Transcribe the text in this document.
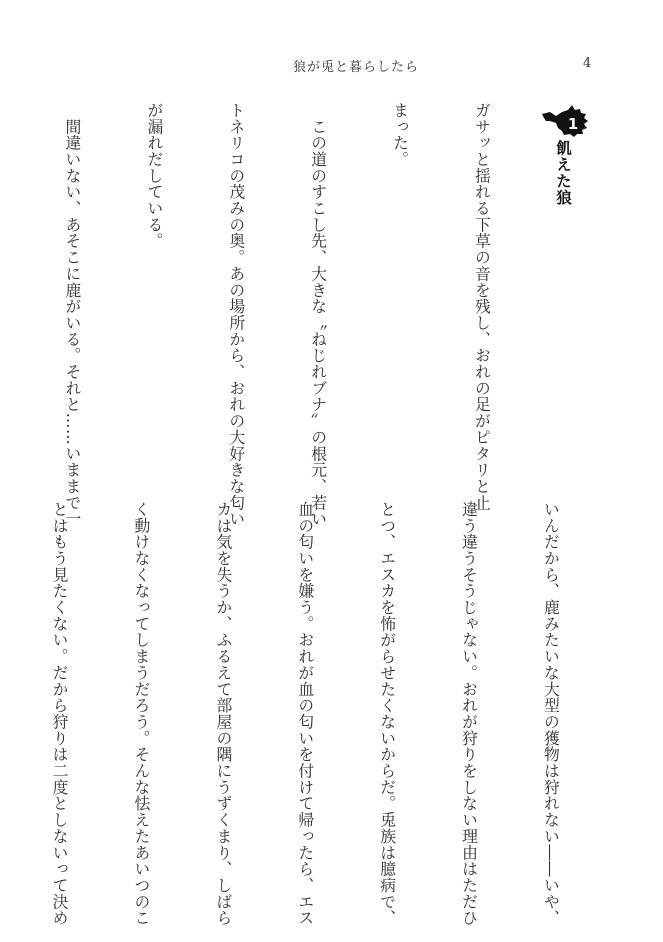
狼が兎と暮らしたら	4
1
飢えた狼

ガサッと揺れる下草の音を残し、おれの足がピタリと止

まった。

　この道のすこし先、大きな〝ねじれブナ〟の根元、若い

トネリコの茂みの奥。あの場所から、おれの大好きな匂い

が漏れだしている。

　間違いない、あそこに鹿がいる。それと……いままで一

いんだから、鹿みたいな大型の獲物は狩れない――いや、

違う違うそうじゃない。おれが狩りをしない理由はただひ

とつ、エスカを怖がらせたくないからだ。兎族は臆病で、

血の匂いを嫌う。おれが血の匂いを付けて帰ったら、エス

カは気を失うか、ふるえて部屋の隅にうずくまり、しばら

く動けなくなってしまうだろう。そんな怯えたあいつのこ

とはもう見たくない。だから狩りは二度としないって決め
